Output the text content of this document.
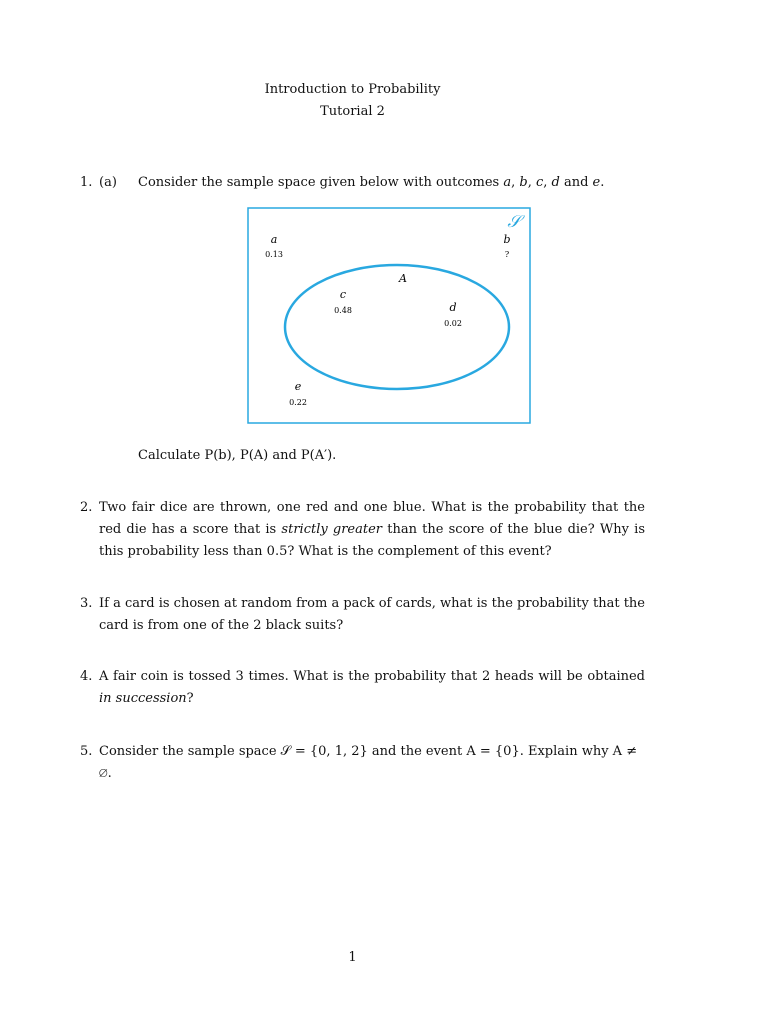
Introduction to Probability
Tutorial 2
1. (a) Consider the sample space given below with outcomes a, b, c, d and e.
𝒮
A
a
0.13
b
?
c
0.48	d
0.02
e
0.22
Calculate P(b), P(A) and P(A′).
2. Two fair dice are thrown, one red and one blue. What is the probability that the red die has a score that is strictly greater than the score of the blue die? Why is this probability less than 0.5? What is the complement of this event?
3. If a card is chosen at random from a pack of cards, what is the probability that the card is from one of the 2 black suits?
4. A fair coin is tossed 3 times. What is the probability that 2 heads will be obtained in succession?
5. Consider the sample space 𝒮 = {0, 1, 2} and the event A = {0}. Explain why A ≠ ∅.
1
